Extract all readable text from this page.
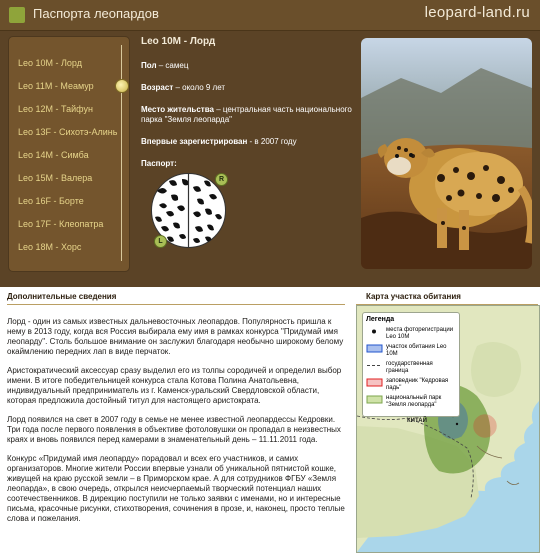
Паспорта леопардов	leopard-land.ru
Leo 10M - Лорд
Leo 11M - Меамур
Leo 12M - Тайфун
Leo 13F - Сихотэ-Алинь
Leo 14M - Симба
Leo 15M - Валера
Leo 16F - Борте
Leo 17F - Клеопатра
Leo 18M - Хорс
Leo 10M - Лорд
Пол – самец
Возраст – около 9 лет
Место жительства – центральная часть национального парка "Земля леопарда"
Впервые зарегистрирован - в 2007 году
Паспорт:
L
R
Дополнительные сведения

Лорд - один из самых известных дальневосточных леопардов. Популярность пришла к нему в 2013 году, когда вся Россия выбирала ему имя в рамках конкурса "Придумай имя леопарду". Столь большое внимание он заслужил благодаря необычно широкому белому окаймлению передних лап в виде перчаток.

Аристократический аксессуар сразу выделил его из толпы сородичей и определил выбор имени. В итоге победительницей конкурса стала Котова Полина Анатольевна, индивидуальный предприниматель из г. Каменск-уральский Свердловской области, которая предложила достойный титул для настоящего аристократа.

Лорд появился на свет в 2007 году в семье не менее известной леопардессы Кедровки. Три года после первого появления в объективе фотоловушки он пропадал в неизвестных краях и вновь появился перед камерами в знаменательный день – 11.11.2011 года.

Конкурс «Придумай имя леопарду» порадовал и всех его участников, и самих организаторов. Многие жители России впервые узнали об уникальной пятнистой кошке, живущей на краю русской земли – в Приморском крае. А для сотрудников ФГБУ «Земля леопарда», в свою очередь, открылся неисчерпаемый творческий потенциал наших соотечественников. В дирекцию поступили не только заявки с именами, но и интересные письма, красочные рисунки, стихотворения, сочинения в прозе, и, наконец, просто теплые слова и пожелания.

Карта участка обитания
Легенда
места фоторегистрации Leo 10M
участок обитания Leo 10M
государственная граница
заповедник "Кедровая падь"
национальный парк "Земля леопарда"
КИТАЙ
